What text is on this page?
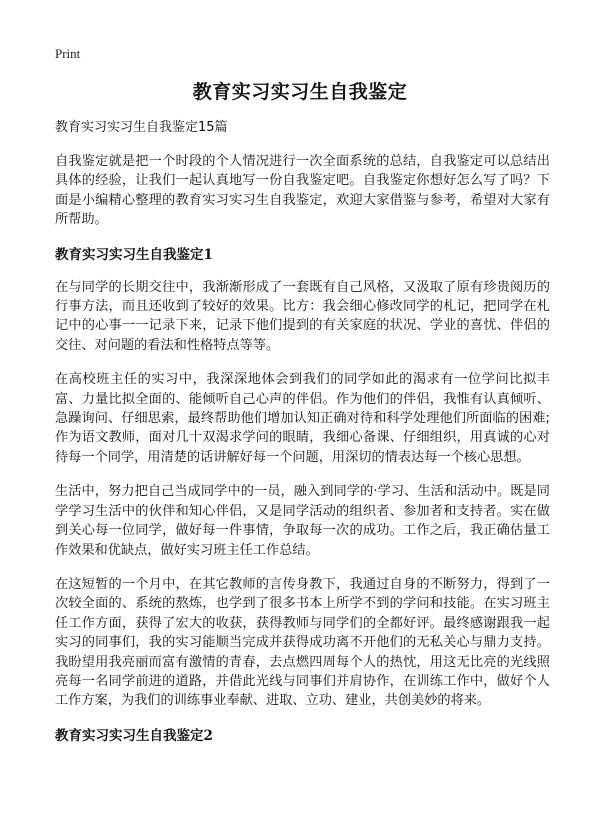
Print
教育实习实习生自我鉴定

教育实习实习生自我鉴定15篇

自我鉴定就是把一个时段的个人情况进行一次全面系统的总结，自我鉴定可以总结出具体的经验，让我们一起认真地写一份自我鉴定吧。自我鉴定你想好怎么写了吗？下面是小编精心整理的教育实习实习生自我鉴定，欢迎大家借鉴与参考，希望对大家有所帮助。

教育实习实习生自我鉴定1

在与同学的长期交往中，我渐渐形成了一套既有自己风格，又汲取了原有珍贵阅历的行事方法，而且还收到了较好的效果。比方：我会细心修改同学的札记，把同学在札记中的心事一一记录下来，记录下他们提到的有关家庭的状况、学业的喜忧、伴侣的交往、对问题的看法和性格特点等等。

在高校班主任的实习中，我深深地体会到我们的同学如此的渴求有一位学问比拟丰富、力量比拟全面的、能倾听自己心声的伴侣。作为他们的伴侣，我惟有认真倾听、急躁询问、仔细思索，最终帮助他们增加认知正确对待和科学处理他们所面临的困难;作为语文教师，面对几十双渴求学问的眼睛，我细心备课、仔细组织，用真诚的心对待每一个同学，用清楚的话讲解好每一个问题，用深切的情表达每一个核心思想。

生活中，努力把自己当成同学中的一员，融入到同学的·学习、生活和活动中。既是同学学习生活中的伙伴和知心伴侣，又是同学活动的组织者、参加者和支持者。实在做到关心每一位同学，做好每一件事情，争取每一次的成功。工作之后，我正确估量工作效果和优缺点，做好实习班主任工作总结。

在这短暂的一个月中，在其它教师的言传身教下，我通过自身的不断努力，得到了一次较全面的、系统的熬炼，也学到了很多书本上所学不到的学问和技能。在实习班主任工作方面，获得了宏大的收获，获得教师与同学们的全都好评。最终感谢跟我一起实习的同事们，我的实习能顺当完成并获得成功离不开他们的无私关心与鼎力支持。我盼望用我亮丽而富有激情的青春，去点燃四周每个人的热忱，用这无比亮的光线照亮每一名同学前进的道路，并借此光线与同事们并肩协作，在训练工作中，做好个人工作方案，为我们的训练事业奉献、进取、立功、建业，共创美妙的将来。

教育实习实习生自我鉴定2
